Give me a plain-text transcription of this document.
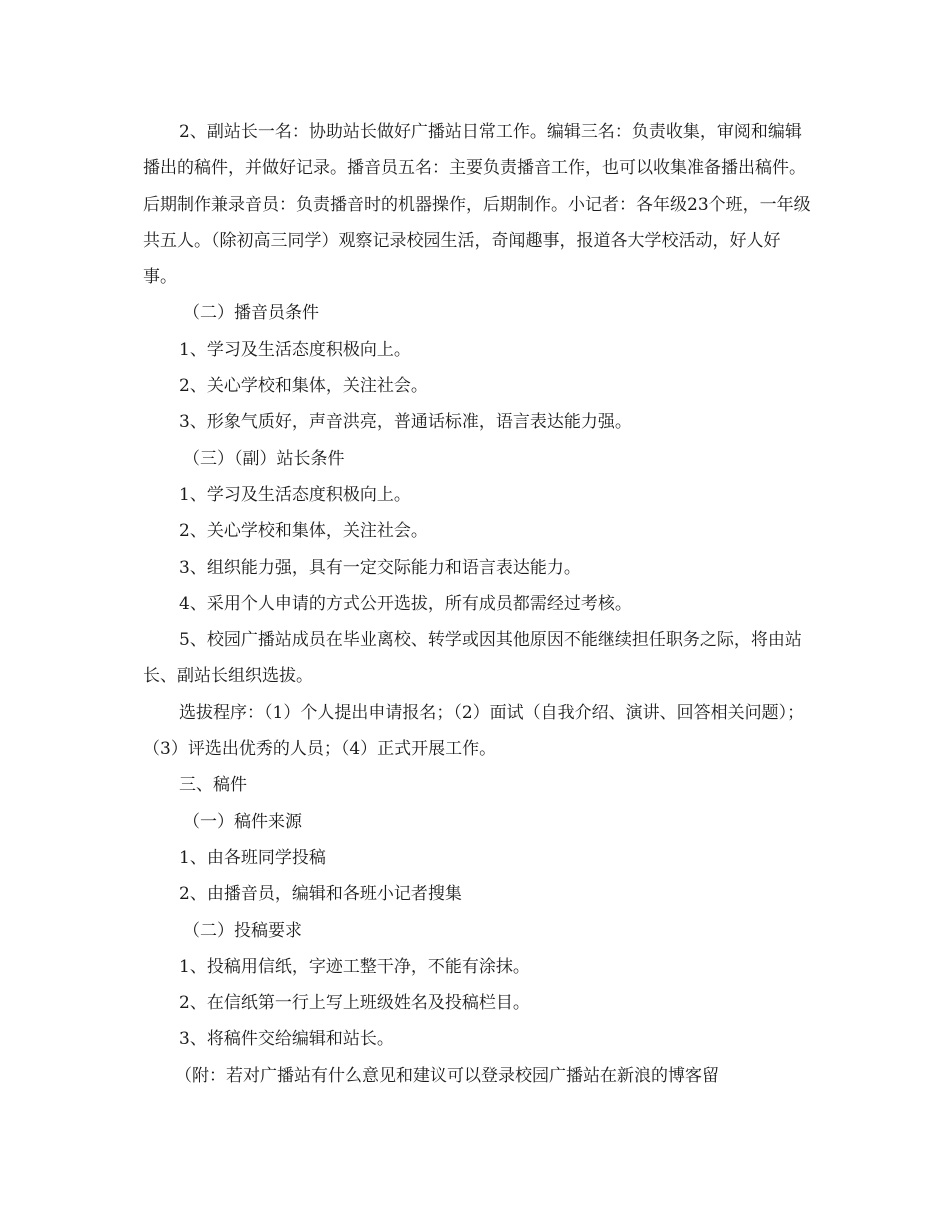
2、副站长一名：协助站长做好广播站日常工作。编辑三名：负责收集，审阅和编辑播出的稿件，并做好记录。播音员五名：主要负责播音工作，也可以收集准备播出稿件。后期制作兼录音员：负责播音时的机器操作，后期制作。小记者：各年级23个班，一年级共五人。（除初高三同学）观察记录校园生活，奇闻趣事，报道各大学校活动，好人好事。

（二）播音员条件

1、学习及生活态度积极向上。

2、关心学校和集体，关注社会。

3、形象气质好，声音洪亮，普通话标准，语言表达能力强。

（三）（副）站长条件

1、学习及生活态度积极向上。

2、关心学校和集体，关注社会。

3、组织能力强，具有一定交际能力和语言表达能力。

4、采用个人申请的方式公开选拔，所有成员都需经过考核。

5、校园广播站成员在毕业离校、转学或因其他原因不能继续担任职务之际，将由站长、副站长组织选拔。

选拔程序：（1）个人提出申请报名；（2）面试（自我介绍、演讲、回答相关问题）；（3）评选出优秀的人员；（4）正式开展工作。

三、稿件

（一）稿件来源

1、由各班同学投稿

2、由播音员，编辑和各班小记者搜集

（二）投稿要求

1、投稿用信纸，字迹工整干净，不能有涂抹。

2、在信纸第一行上写上班级姓名及投稿栏目。

3、将稿件交给编辑和站长。

（附：若对广播站有什么意见和建议可以登录校园广播站在新浪的博客留
